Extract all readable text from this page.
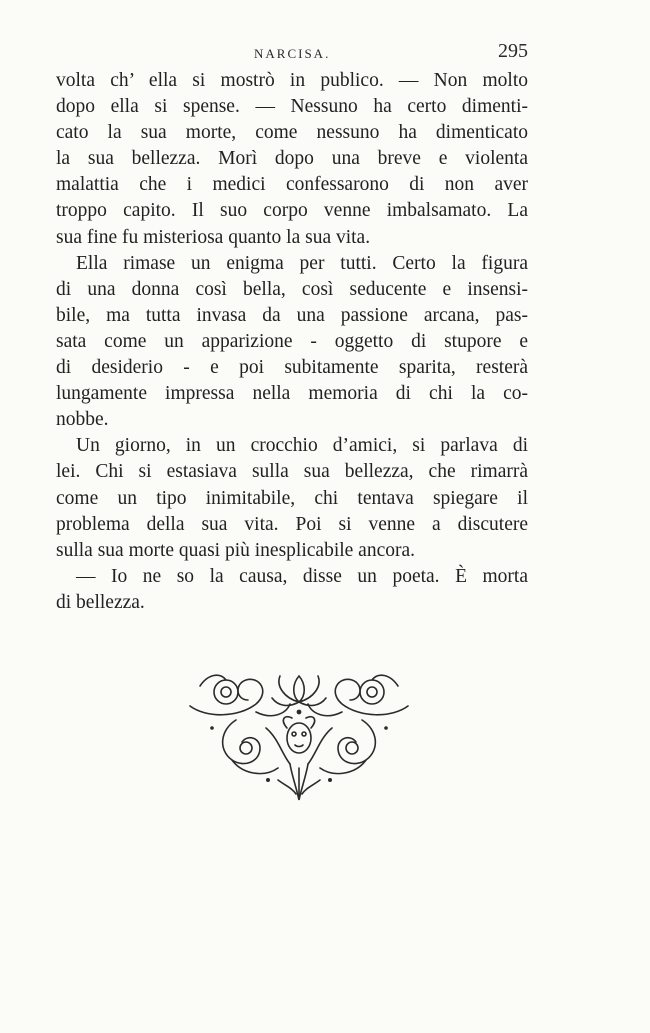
NARCISA.	295
volta ch’ ella si mostrò in publico. — Non molto
dopo ella si spense. — Nessuno ha certo dimenti-
cato la sua morte, come nessuno ha dimenticato
la sua bellezza. Morì dopo una breve e violenta
malattia che i medici confessarono di non aver
troppo capito. Il suo corpo venne imbalsamato. La
sua fine fu misteriosa quanto la sua vita.
Ella rimase un enigma per tutti. Certo la figura
di una donna così bella, così seducente e insensi-
bile, ma tutta invasa da una passione arcana, pas-
sata come un apparizione - oggetto di stupore e
di desiderio - e poi subitamente sparita, resterà
lungamente impressa nella memoria di chi la co-
nobbe.
Un giorno, in un crocchio d’amici, si parlava di
lei. Chi si estasiava sulla sua bellezza, che rimarrà
come un tipo inimitabile, chi tentava spiegare il
problema della sua vita. Poi si venne a discutere
sulla sua morte quasi più inesplicabile ancora.
— Io ne so la causa, disse un poeta. È morta
di bellezza.
